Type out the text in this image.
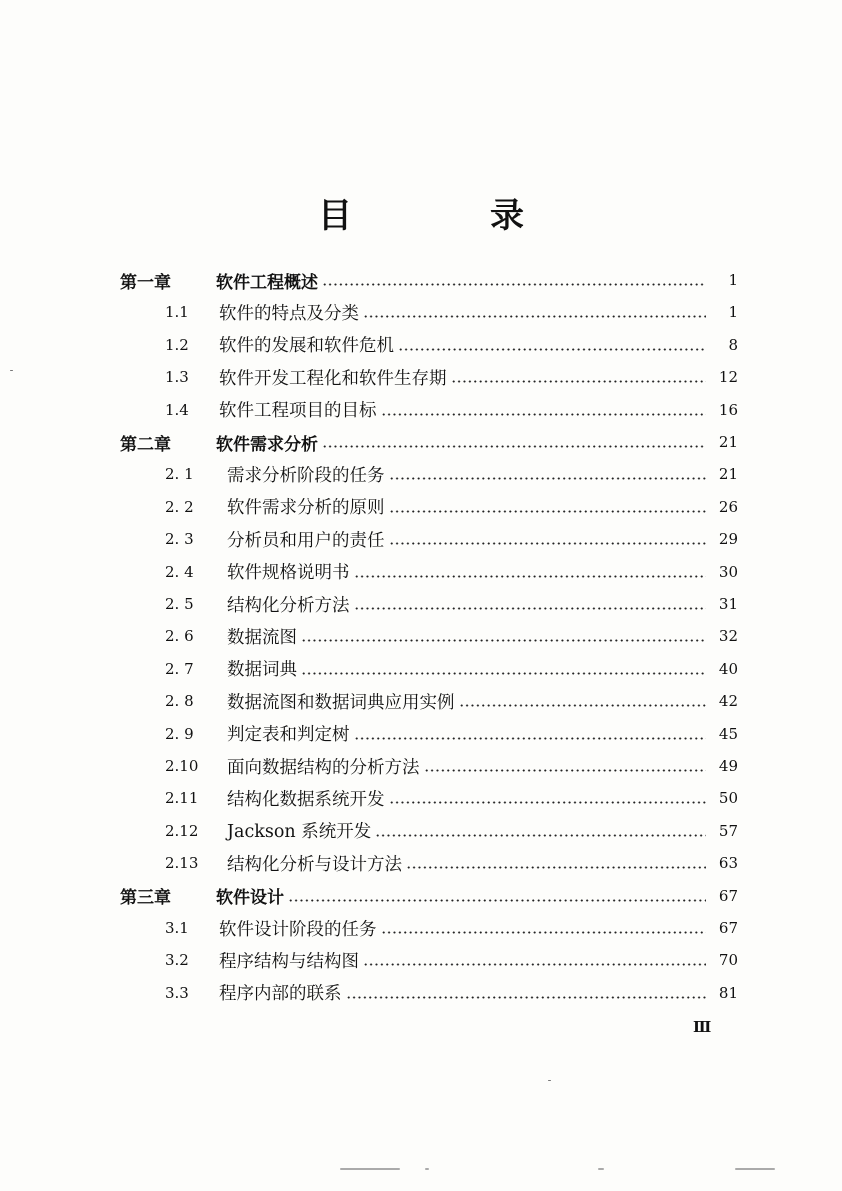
目　录
第一章	软件工程概述	1
1.1	软件的特点及分类	1
1.2	软件的发展和软件危机	8
1.3	软件开发工程化和软件生存期	12
1.4	软件工程项目的目标	16
第二章	软件需求分析	21
2. 1	需求分析阶段的任务	21
2. 2	软件需求分析的原则	26
2. 3	分析员和用户的责任	29
2. 4	软件规格说明书	30
2. 5	结构化分析方法	31
2. 6	数据流图	32
2. 7	数据词典	40
2. 8	数据流图和数据词典应用实例	42
2. 9	判定表和判定树	45
2.10	面向数据结构的分析方法	49
2.11	结构化数据系统开发	50
2.12	Jackson 系统开发	57
2.13	结构化分析与设计方法	63
第三章	软件设计	67
3.1	软件设计阶段的任务	67
3.2	程序结构与结构图	70
3.3	程序内部的联系	81
Ⅲ
